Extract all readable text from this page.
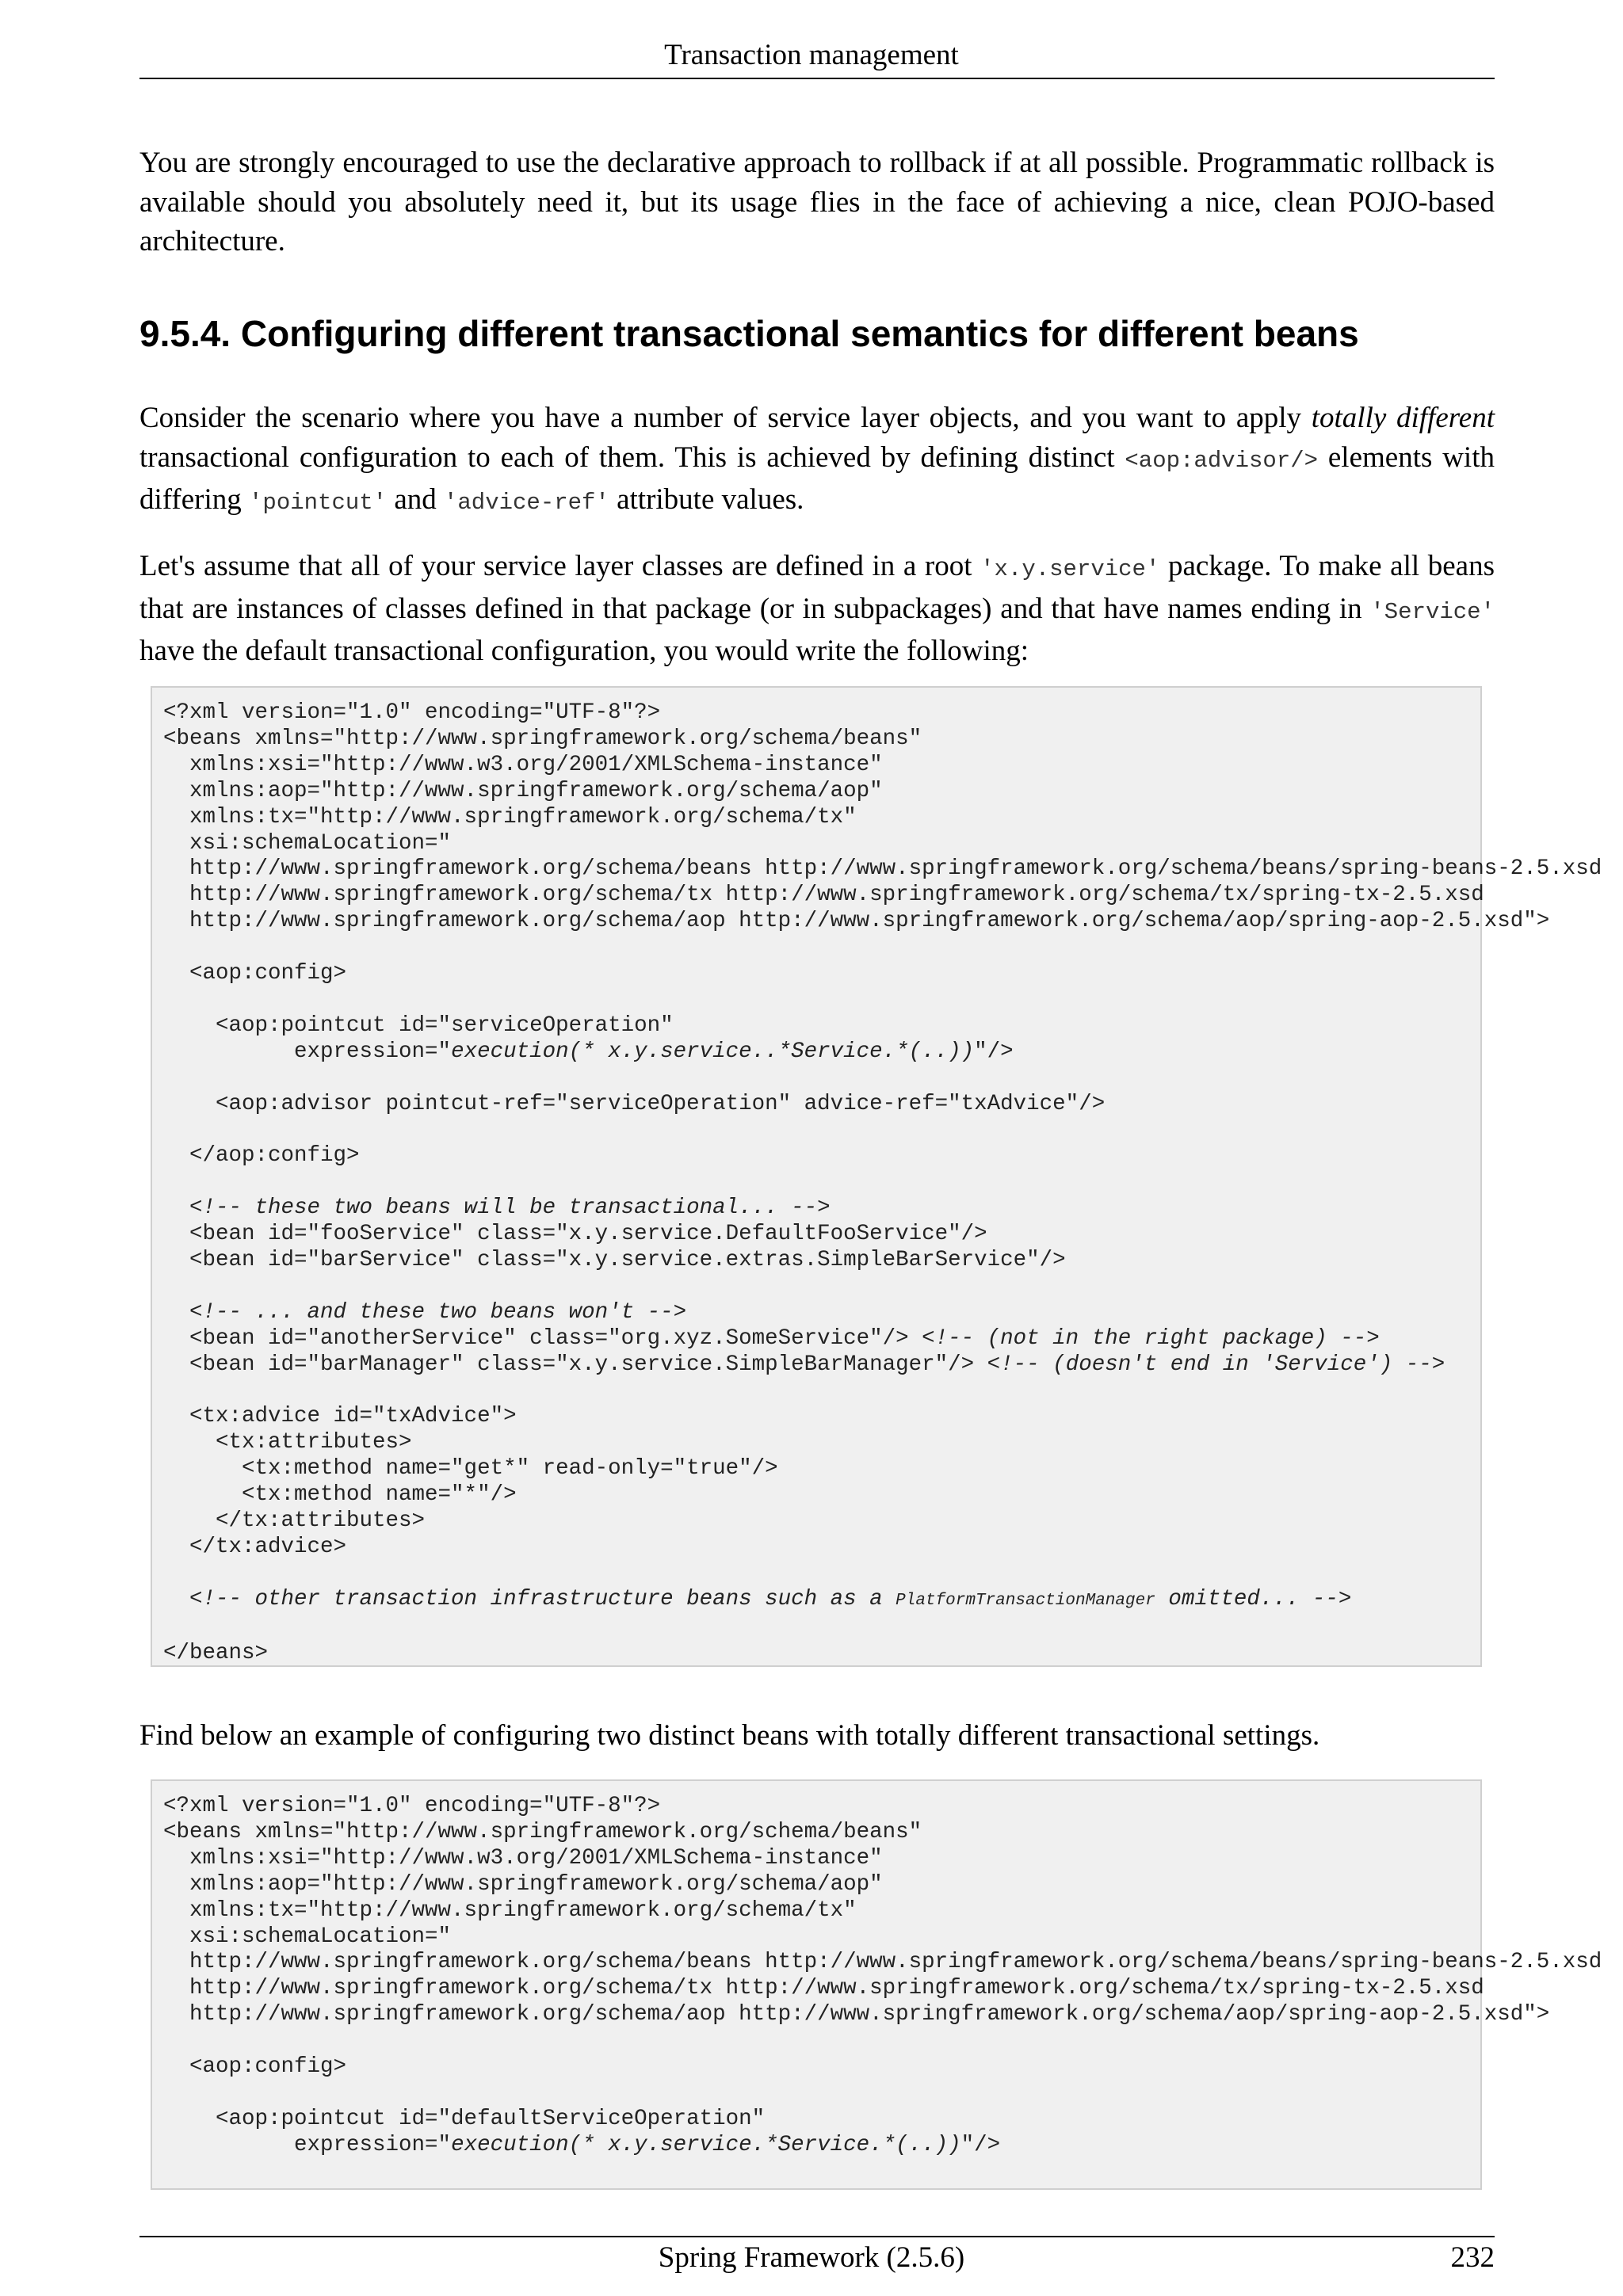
Transaction management

You are strongly encouraged to use the declarative approach to rollback if at all possible. Programmatic rollback is available should you absolutely need it, but its usage flies in the face of achieving a nice, clean POJO-based architecture.

9.5.4. Configuring different transactional semantics for different beans

Consider the scenario where you have a number of service layer objects, and you want to apply totally different transactional configuration to each of them. This is achieved by defining distinct <aop:advisor/> elements with differing 'pointcut' and 'advice-ref' attribute values.

Let's assume that all of your service layer classes are defined in a root 'x.y.service' package. To make all beans that are instances of classes defined in that package (or in subpackages) and that have names ending in 'Service' have the default transactional configuration, you would write the following:

<?xml version="1.0" encoding="UTF-8"?>
<beans xmlns="http://www.springframework.org/schema/beans"
xmlns:xsi="http://www.w3.org/2001/XMLSchema-instance"
xmlns:aop="http://www.springframework.org/schema/aop"
xmlns:tx="http://www.springframework.org/schema/tx"
xsi:schemaLocation="
http://www.springframework.org/schema/beans http://www.springframework.org/schema/beans/spring-beans-2.5.xsd
http://www.springframework.org/schema/tx http://www.springframework.org/schema/tx/spring-tx-2.5.xsd
http://www.springframework.org/schema/aop http://www.springframework.org/schema/aop/spring-aop-2.5.xsd">

<aop:config>

<aop:pointcut id="serviceOperation"
expression="execution(* x.y.service..*Service.*(..))"/>

<aop:advisor pointcut-ref="serviceOperation" advice-ref="txAdvice"/>

</aop:config>

<!-- these two beans will be transactional... -->
<bean id="fooService" class="x.y.service.DefaultFooService"/>
<bean id="barService" class="x.y.service.extras.SimpleBarService"/>

<!-- ... and these two beans won't -->
<bean id="anotherService" class="org.xyz.SomeService"/> <!-- (not in the right package) -->
<bean id="barManager" class="x.y.service.SimpleBarManager"/> <!-- (doesn't end in 'Service') -->

<tx:advice id="txAdvice">
<tx:attributes>
<tx:method name="get*" read-only="true"/>
<tx:method name="*"/>
</tx:attributes>
</tx:advice>

<!-- other transaction infrastructure beans such as a PlatformTransactionManager omitted... -->

</beans>

Find below an example of configuring two distinct beans with totally different transactional settings.

<?xml version="1.0" encoding="UTF-8"?>
<beans xmlns="http://www.springframework.org/schema/beans"
xmlns:xsi="http://www.w3.org/2001/XMLSchema-instance"
xmlns:aop="http://www.springframework.org/schema/aop"
xmlns:tx="http://www.springframework.org/schema/tx"
xsi:schemaLocation="
http://www.springframework.org/schema/beans http://www.springframework.org/schema/beans/spring-beans-2.5.xsd
http://www.springframework.org/schema/tx http://www.springframework.org/schema/tx/spring-tx-2.5.xsd
http://www.springframework.org/schema/aop http://www.springframework.org/schema/aop/spring-aop-2.5.xsd">

<aop:config>

<aop:pointcut id="defaultServiceOperation"
expression="execution(* x.y.service.*Service.*(..))"/>
Spring Framework (2.5.6)	232
